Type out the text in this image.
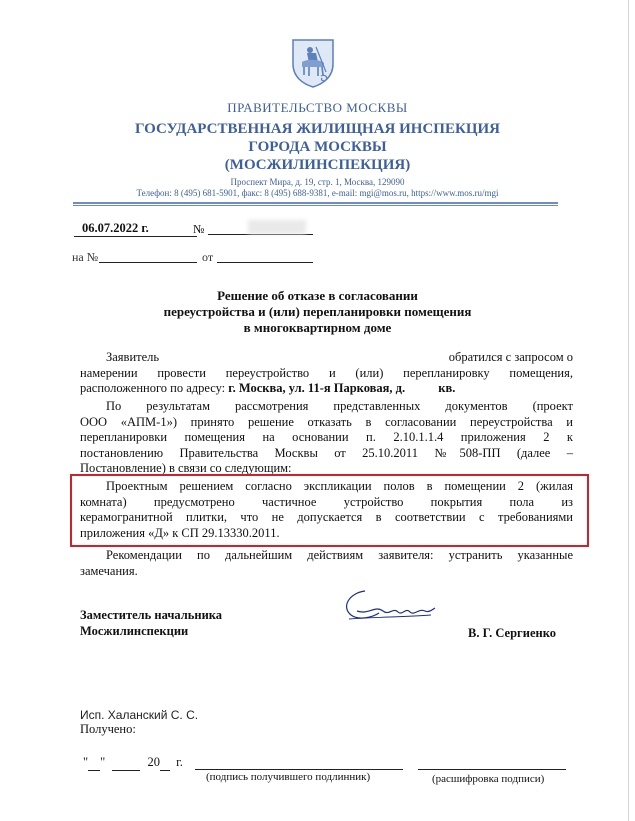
ПРАВИТЕЛЬСТВО МОСКВЫ
ГОСУДАРСТВЕННАЯ ЖИЛИЩНАЯ ИНСПЕКЦИЯ
ГОРОДА МОСКВЫ
(МОСЖИЛИНСПЕКЦИЯ)
Проспект Мира, д. 19, стр. 1, Москва, 129090
Телефон: 8 (495) 681-5901, факс: 8 (495) 688-9381, e-mail: mgi@mos.ru, https://www.mos.ru/mgi
06.07.2022 г.	№
на №	от
Решение об отказе в согласовании
переустройства и (или) перепланировки помещения
в многоквартирном доме
Заявитель	обратился с запросом о
намерении провести переустройство и (или) перепланировку помещения,
расположенного по адресу: г. Москва, ул. 11-я Парковая, д.	кв.
По результатам рассмотрения представленных документов (проект
ООО «АПМ-1») принято решение отказать в согласовании переустройства и
перепланировки помещения на основании п. 2.10.1.1.4 приложения 2 к
постановлению Правительства Москвы от 25.10.2011 №508-ПП (далее –
Постановление) в связи со следующим:
Проектным решением согласно экспликации полов в помещении 2 (жилая
комната) предусмотрено частичное устройство покрытия пола из
керамогранитной плитки, что не допускается в соответствии с требованиями
приложения «Д» к СП 29.13330.2011.
Рекомендации по дальнейшим действиям заявителя: устранить указанные
замечания.
Заместитель начальника
Мосжилинспекции	В. Г. Сергиенко
Исп. Халанский С. С.
Получено:
" "	20 г.
(подпись получившего подлинник)	(расшифровка подписи)
